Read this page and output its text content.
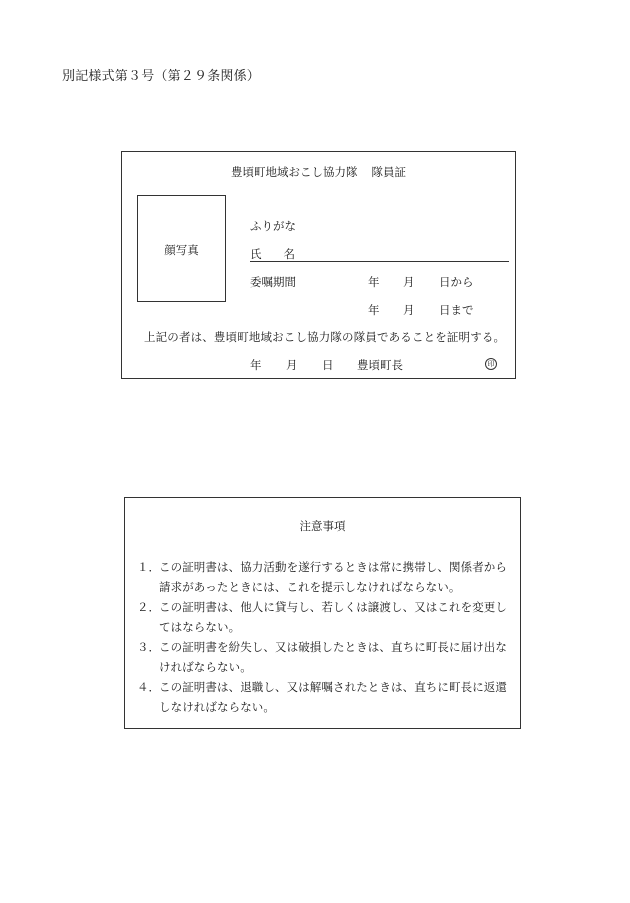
別記様式第３号（第２９条関係）
豊頃町地域おこし協力隊 隊員証
顔写真
ふりがな
氏 名
委嘱期間	年 月 日から
年 月 日まで
上記の者は、豊頃町地域おこし協力隊の隊員であることを証明する。
年 月 日 豊頃町長	印
注意事項
１． この証明書は、協力活動を遂行するときは常に携帯し、関係者から
請求があったときには、これを提示しなければならない。
２． この証明書は、他人に貸与し、若しくは譲渡し、又はこれを変更し
てはならない。
３． この証明書を紛失し、又は破損したときは、直ちに町長に届け出な
ければならない。
４． この証明書は、退職し、又は解嘱されたときは、直ちに町長に返還
しなければならない。
